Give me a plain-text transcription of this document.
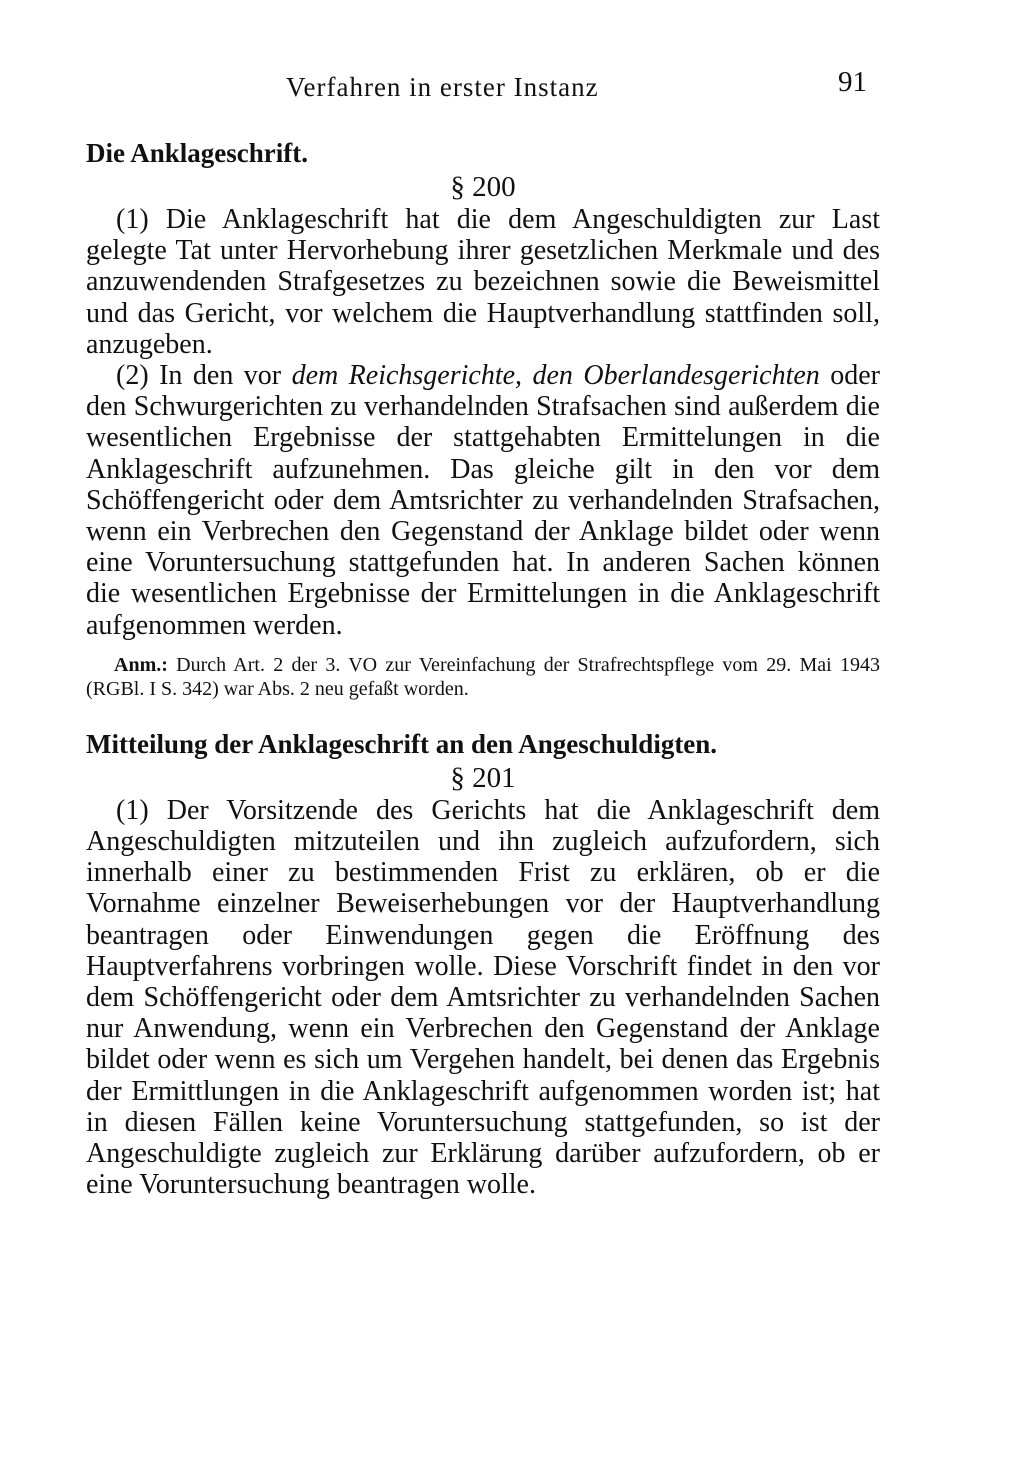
Verfahren in erster Instanz	91
Die Anklageschrift.
§ 200

(1) Die Anklageschrift hat die dem Angeschuldigten zur Last gelegte Tat unter Hervorhebung ihrer gesetzlichen Merkmale und des anzuwendenden Strafgesetzes zu bezeichnen sowie die Beweismittel und das Gericht, vor welchem die Hauptverhandlung stattfinden soll, anzugeben.

(2) In den vor dem Reichsgerichte, den Oberlandesgerichten oder den Schwurgerichten zu verhandelnden Strafsachen sind außerdem die wesentlichen Ergebnisse der stattgehabten Ermittelungen in die Anklageschrift aufzunehmen. Das gleiche gilt in den vor dem Schöffengericht oder dem Amtsrichter zu verhandelnden Strafsachen, wenn ein Verbrechen den Gegenstand der Anklage bildet oder wenn eine Voruntersuchung stattgefunden hat. In anderen Sachen können die wesentlichen Ergebnisse der Ermittelungen in die Anklageschrift aufgenommen werden.

Anm.: Durch Art. 2 der 3. VO zur Vereinfachung der Strafrechtspflege vom 29. Mai 1943 (RGBl. I S. 342) war Abs. 2 neu gefaßt worden.
Mitteilung der Anklageschrift an den Angeschuldigten.
§ 201

(1) Der Vorsitzende des Gerichts hat die Anklageschrift dem Angeschuldigten mitzuteilen und ihn zugleich aufzufordern, sich innerhalb einer zu bestimmenden Frist zu erklären, ob er die Vornahme einzelner Beweiserhebungen vor der Hauptverhandlung beantragen oder Einwendungen gegen die Eröffnung des Hauptverfahrens vorbringen wolle. Diese Vorschrift findet in den vor dem Schöffengericht oder dem Amtsrichter zu verhandelnden Sachen nur Anwendung, wenn ein Verbrechen den Gegenstand der Anklage bildet oder wenn es sich um Vergehen handelt, bei denen das Ergebnis der Ermittlungen in die Anklageschrift aufgenommen worden ist; hat in diesen Fällen keine Voruntersuchung stattgefunden, so ist der Angeschuldigte zugleich zur Erklärung darüber aufzufordern, ob er eine Voruntersuchung beantragen wolle.
